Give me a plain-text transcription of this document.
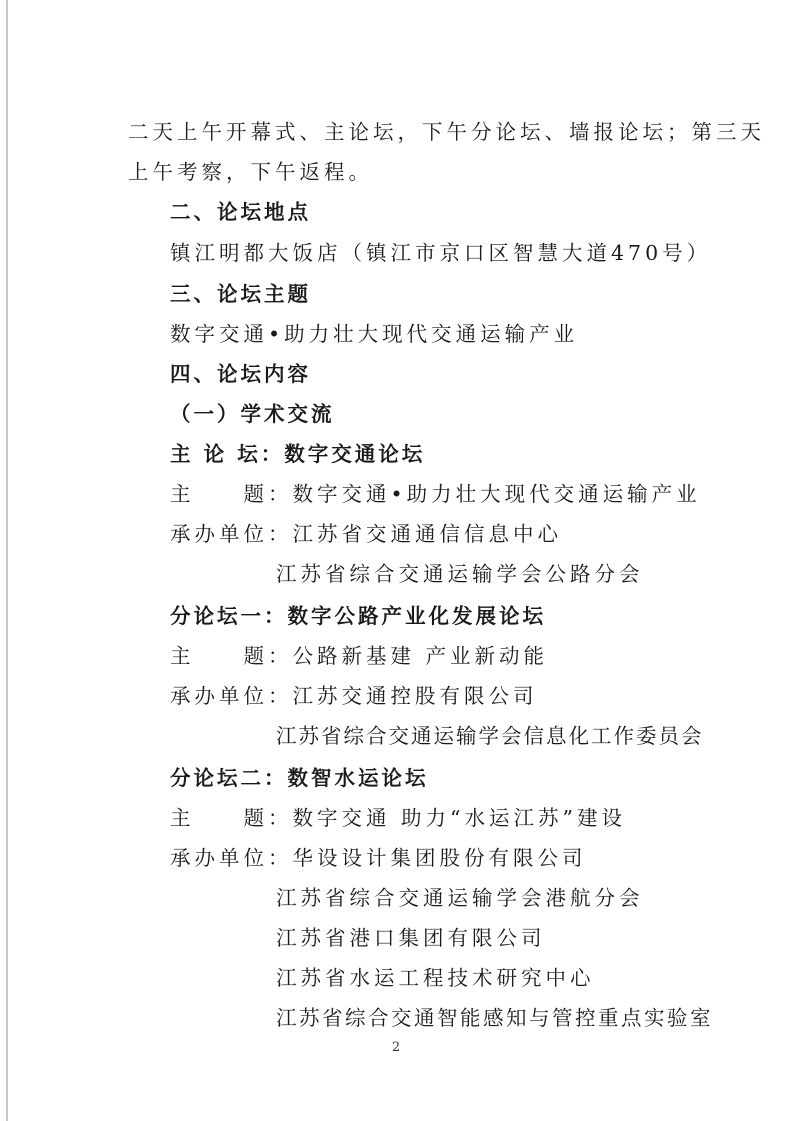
二天上午开幕式、主论坛，下午分论坛、墙报论坛；第三天
上午考察，下午返程。
二、论坛地点
镇江明都大饭店（镇江市京口区智慧大道470号）
三、论坛主题
数字交通•助力壮大现代交通运输产业
四、论坛内容
（一）学术交流
主 论 坛：数字交通论坛
主　　题：数字交通•助力壮大现代交通运输产业
承办单位：江苏省交通通信信息中心
江苏省综合交通运输学会公路分会
分论坛一：数字公路产业化发展论坛
主　　题：公路新基建 产业新动能
承办单位：江苏交通控股有限公司
江苏省综合交通运输学会信息化工作委员会
分论坛二：数智水运论坛
主　　题：数字交通 助力“水运江苏”建设
承办单位：华设设计集团股份有限公司
江苏省综合交通运输学会港航分会
江苏省港口集团有限公司
江苏省水运工程技术研究中心
江苏省综合交通智能感知与管控重点实验室
2
